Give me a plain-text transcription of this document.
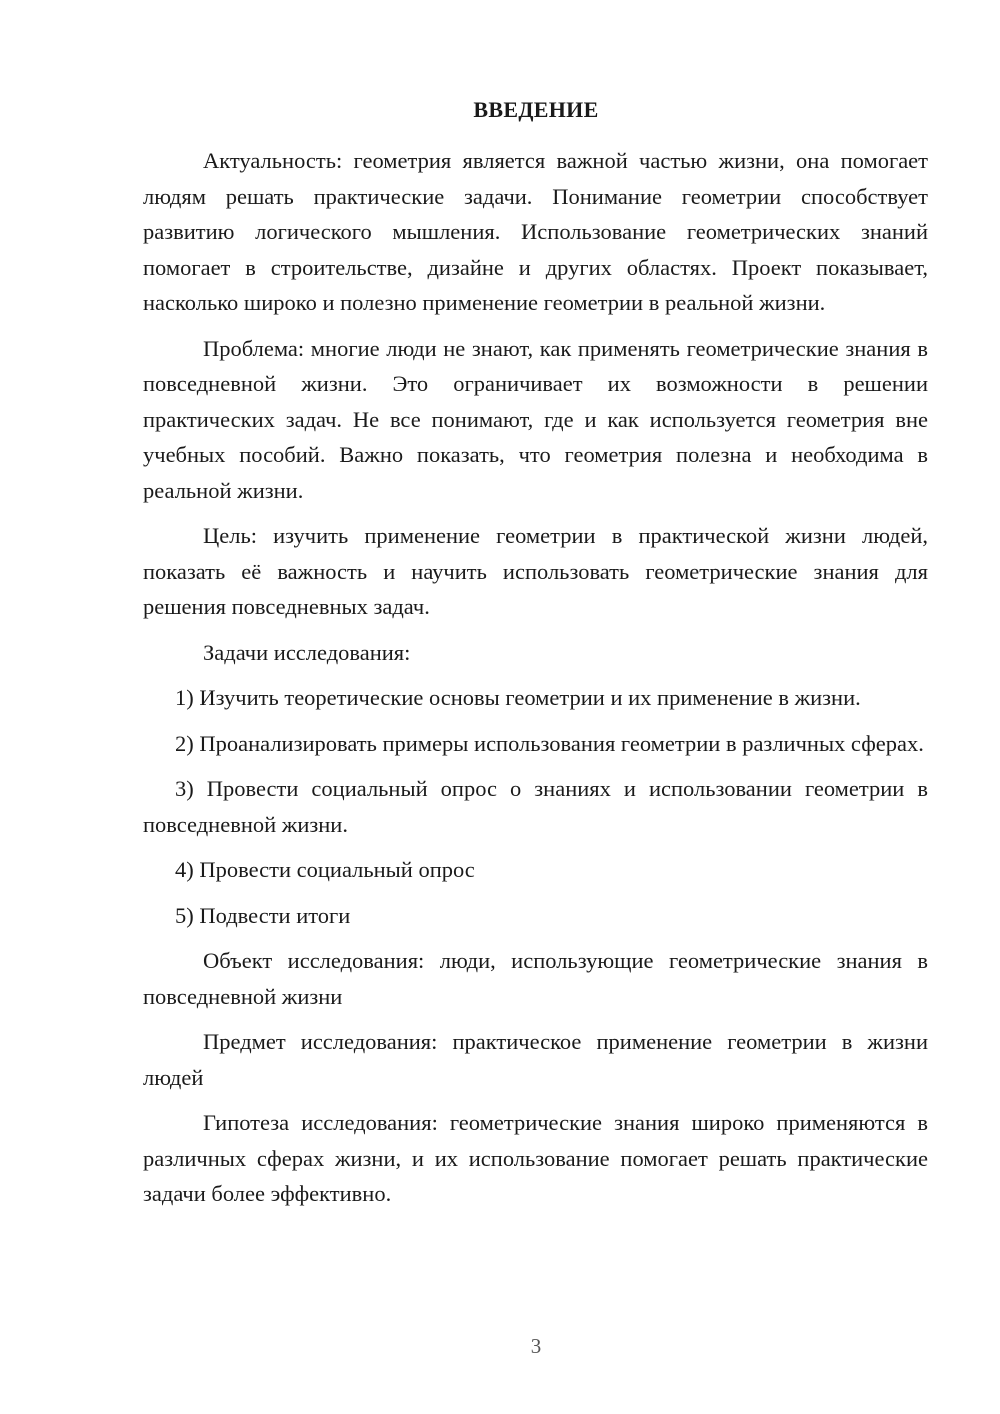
ВВЕДЕНИЕ

Актуальность: геометрия является важной частью жизни, она помогает людям решать практические задачи. Понимание геометрии способствует развитию логического мышления. Использование геометрических знаний помогает в строительстве, дизайне и других областях. Проект показывает, насколько широко и полезно применение геометрии в реальной жизни.

Проблема: многие люди не знают, как применять геометрические знания в повседневной жизни. Это ограничивает их возможности в решении практических задач. Не все понимают, где и как используется геометрия вне учебных пособий. Важно показать, что геометрия полезна и необходима в реальной жизни.

Цель: изучить применение геометрии в практической жизни людей, показать её важность и научить использовать геометрические знания для решения повседневных задач.

Задачи исследования:

1) Изучить теоретические основы геометрии и их применение в жизни.

2) Проанализировать примеры использования геометрии в различных сферах.

3) Провести социальный опрос о знаниях и использовании геометрии в повседневной жизни.

4) Провести социальный опрос

5) Подвести итоги

Объект исследования: люди, использующие геометрические знания в повседневной жизни

Предмет исследования: практическое применение геометрии в жизни людей

Гипотеза исследования: геометрические знания широко применяются в различных сферах жизни, и их использование помогает решать практические задачи более эффективно.

3
